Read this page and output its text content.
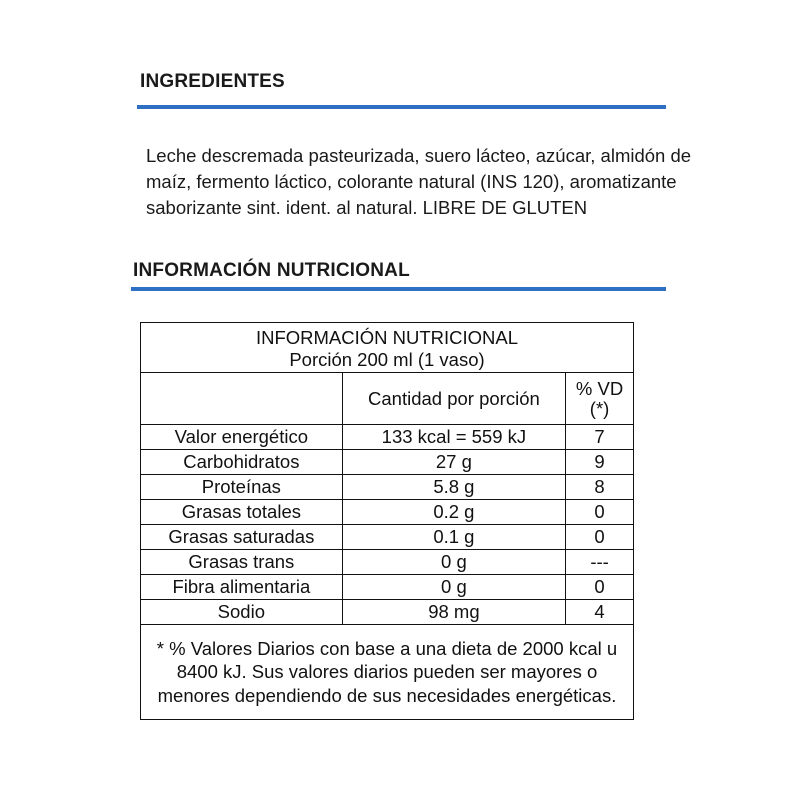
INGREDIENTES

Leche descremada pasteurizada, suero lácteo, azúcar, almidón de maíz, fermento láctico, colorante natural (INS 120), aromatizante saborizante sint. ident. al natural. LIBRE DE GLUTEN

INFORMACIÓN NUTRICIONAL
INFORMACIÓN NUTRICIONAL
Porción 200 ml (1 vaso)		

	Cantidad por porción	% VD
(*)

Valor energético	133 kcal = 559 kJ	7
Carbohidratos	27 g	9
Proteínas	5.8 g	8
Grasas totales	0.2 g	0
Grasas saturadas	0.1 g	0
Grasas trans	0 g	---
Fibra alimentaria	0 g	0
Sodio	98 mg	4
* % Valores Diarios con base a una dieta de 2000 kcal u 8400 kJ. Sus valores diarios pueden ser mayores o menores dependiendo de sus necesidades energéticas.		
